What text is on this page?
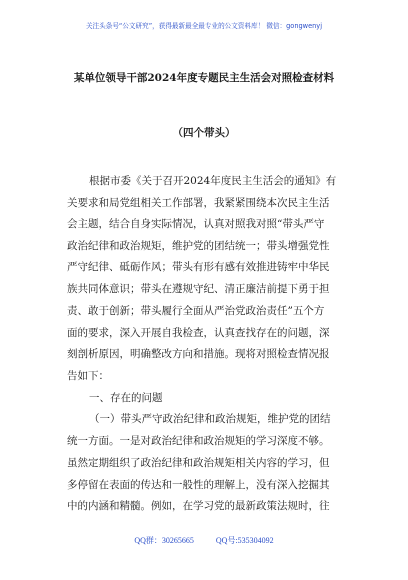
关注头条号“公文研究”，获得最新最全最专业的公文资料库！ 微信：gongwenyj
某单位领导干部2024年度专题民主生活会对照检查材料
（四个带头）
根据市委《关于召开2024年度民主生活会的通知》有
关要求和局党组相关工作部署，我紧紧围绕本次民主生活
会主题，结合自身实际情况，认真对照我对照“带头严守
政治纪律和政治规矩，维护党的团结统一；带头增强党性
严守纪律、砥砺作风；带头有形有感有效推进铸牢中华民
族共同体意识；带头在遵规守纪、清正廉洁前提下勇于担
责、敢于创新；带头履行全面从严治党政治责任”五个方
面的要求，深入开展自我检查，认真查找存在的问题，深
刻剖析原因，明确整改方向和措施。现将对照检查情况报
告如下：
一、存在的问题
（一）带头严守政治纪律和政治规矩，维护党的团结
统一方面。一是对政治纪律和政治规矩的学习深度不够。
虽然定期组织了政治纪律和政治规矩相关内容的学习，但
多停留在表面的传达和一般性的理解上，没有深入挖掘其
中的内涵和精髓。例如，在学习党的最新政策法规时，往
QQ群：30265665	QQ号:535304092
